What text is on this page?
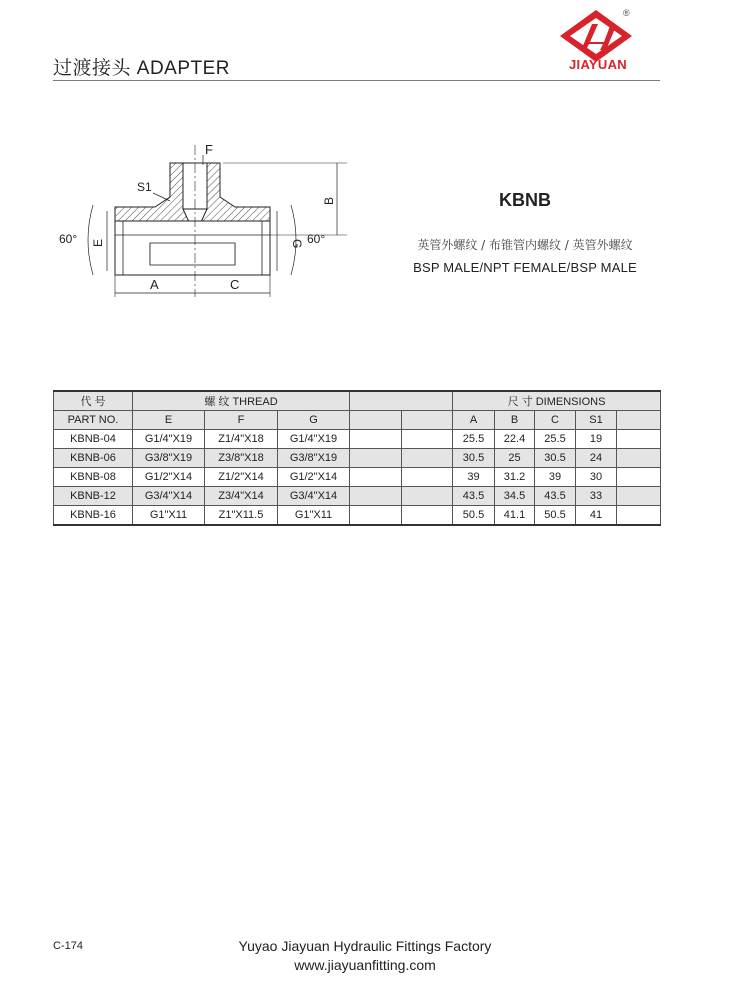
过渡接头 ADAPTER
®
JIAYUAN
F
S1
B
E
60°	G 60°
A	C
KBNB
英管外螺纹 / 布锥管内螺纹 / 英管外螺纹
BSP MALE/NPT FEMALE/BSP MALE
代 号	螺 纹 THREAD					尺 寸 DIMENSIONS				
PART NO.	E	F	G			A	B	C	S1	
KBNB-04	G1/4"X19	Z1/4"X18	G1/4"X19			25.5	22.4	25.5	19	
KBNB-06	G3/8"X19	Z3/8"X18	G3/8"X19			30.5	25	30.5	24	
KBNB-08	G1/2"X14	Z1/2"X14	G1/2"X14			39	31.2	39	30	
KBNB-12	G3/4"X14	Z3/4"X14	G3/4"X14			43.5	34.5	43.5	33	
KBNB-16	G1"X11	Z1"X11.5	G1"X11			50.5	41.1	50.5	41	
C-174	Yuyao Jiayuan Hydraulic Fittings Factory
www.jiayuanfitting.com
